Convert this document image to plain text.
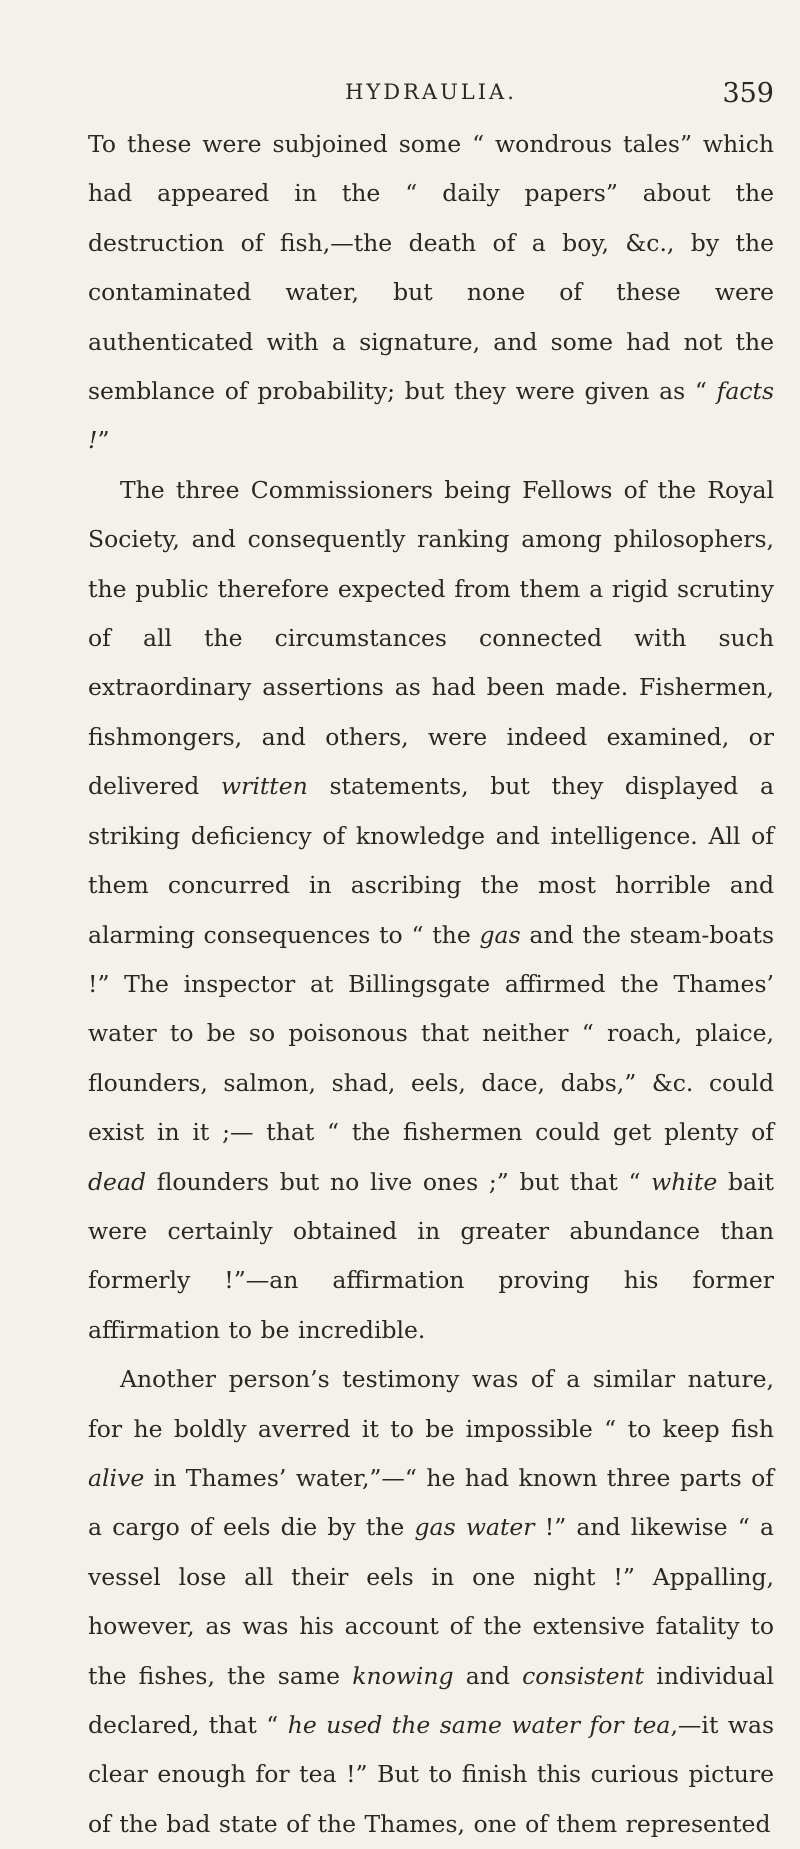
HYDRAULIA.	359

To these were subjoined some “ wondrous tales” which had appeared in the “ daily papers” about the destruction of fish,—the death of a boy, &c., by the contaminated water, but none of these were authenticated with a signature, and some had not the semblance of probability; but they were given as “ facts !”

The three Commissioners being Fellows of the Royal Society, and consequently ranking among philosophers, the public therefore expected from them a rigid scrutiny of all the circumstances connected with such extraordinary assertions as had been made. Fishermen, fishmongers, and others, were indeed examined, or delivered written statements, but they displayed a striking deficiency of knowledge and intelligence. All of them concurred in ascribing the most horrible and alarming consequences to “ the gas and the steam-boats !” The inspector at Billingsgate affirmed the Thames’ water to be so poisonous that neither “ roach, plaice, flounders, salmon, shad, eels, dace, dabs,” &c. could exist in it ;— that “ the fishermen could get plenty of dead flounders but no live ones ;” but that “ white bait were certainly obtained in greater abundance than formerly !”—an affirmation proving his former affirmation to be incredible.

Another person’s testimony was of a similar nature, for he boldly averred it to be impossible “ to keep fish alive in Thames’ water,”—“ he had known three parts of a cargo of eels die by the gas water !” and likewise “ a vessel lose all their eels in one night !” Appalling, however, as was his account of the extensive fatality to the fishes, the same knowing and consistent individual declared, that “ he used the same water for tea,—it was clear enough for tea !” But to finish this curious picture of the bad state of the Thames, one of them represented
